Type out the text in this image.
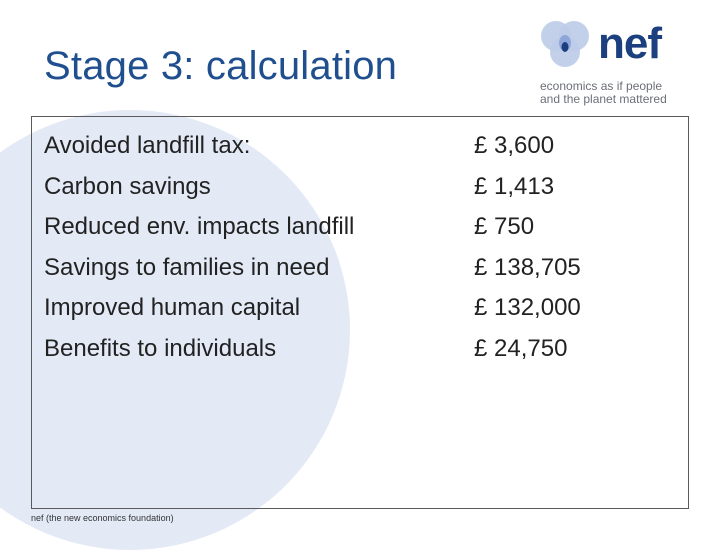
Stage 3: calculation	nef
economics as if people
and the planet mattered
Avoided landfill tax:	£ 3,600
Carbon savings	£ 1,413
Reduced env. impacts landfill	£ 750
Savings to families in need	£ 138,705
Improved human capital	£ 132,000
Benefits to individuals	£ 24,750
nef (the new economics foundation)
